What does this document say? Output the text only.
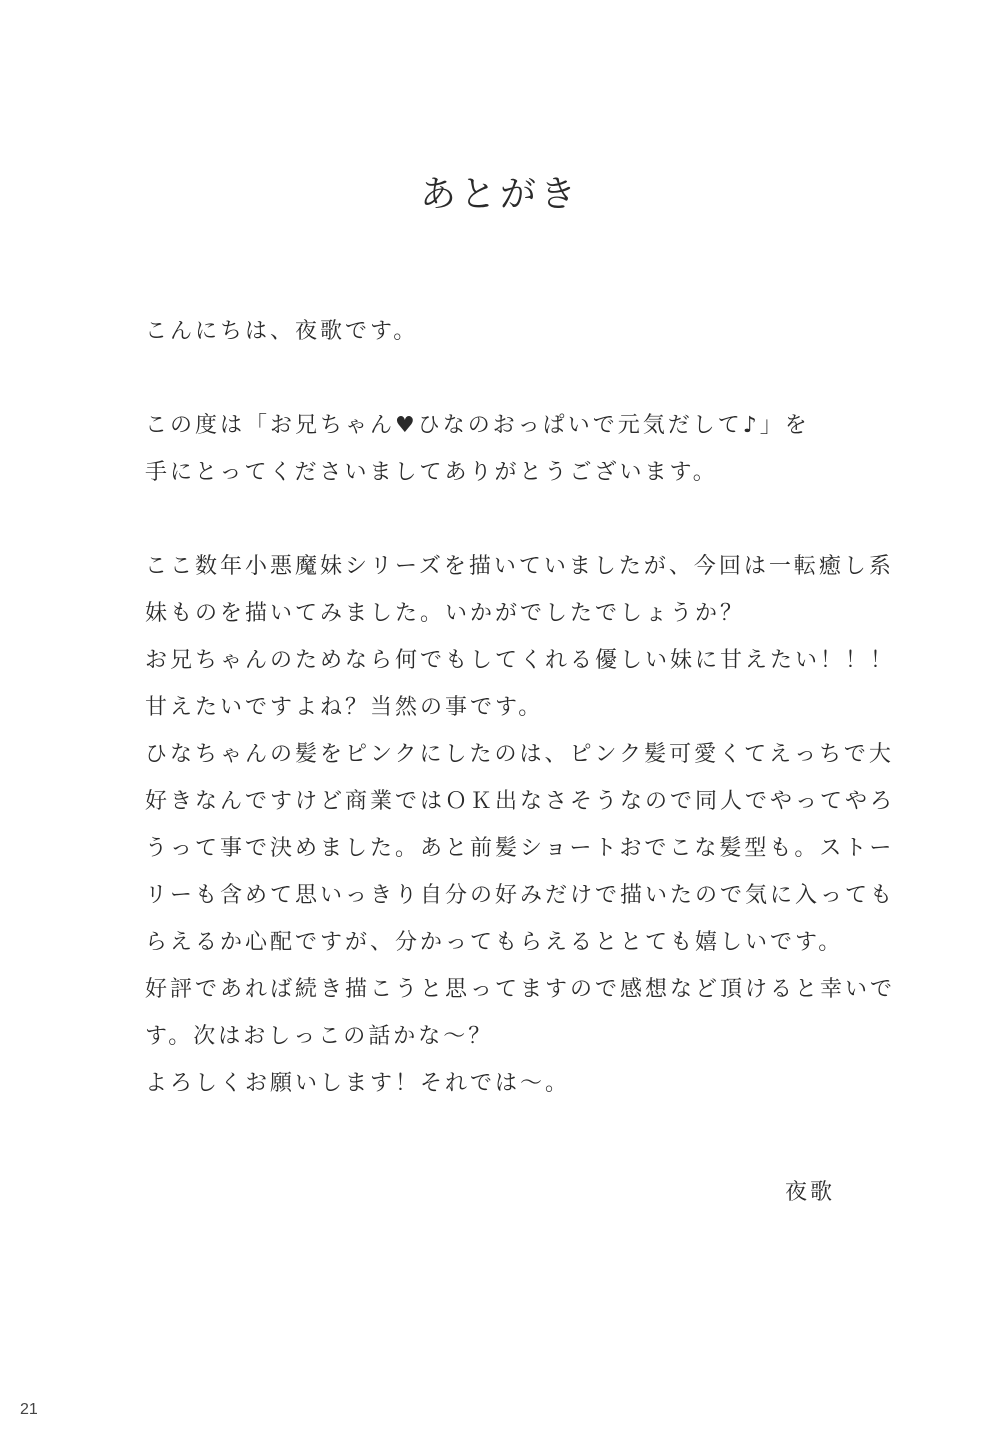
あとがき
こんにちは、夜歌です。
この度は「お兄ちゃん♥ひなのおっぱいで元気だして♪」を
手にとってくださいましてありがとうございます。
ここ数年小悪魔妹シリーズを描いていましたが、今回は一転癒し系
妹ものを描いてみました。いかがでしたでしょうか？
お兄ちゃんのためなら何でもしてくれる優しい妹に甘えたい！！！
甘えたいですよね？当然の事です。
ひなちゃんの髪をピンクにしたのは、ピンク髪可愛くてえっちで大
好きなんですけど商業ではＯＫ出なさそうなので同人でやってやろ
うって事で決めました。あと前髪ショートおでこな髪型も。ストー
リーも含めて思いっきり自分の好みだけで描いたので気に入っても
らえるか心配ですが、分かってもらえるととても嬉しいです。
好評であれば続き描こうと思ってますので感想など頂けると幸いで
す。次はおしっこの話かな～？
よろしくお願いします！それでは～。
夜歌
21
